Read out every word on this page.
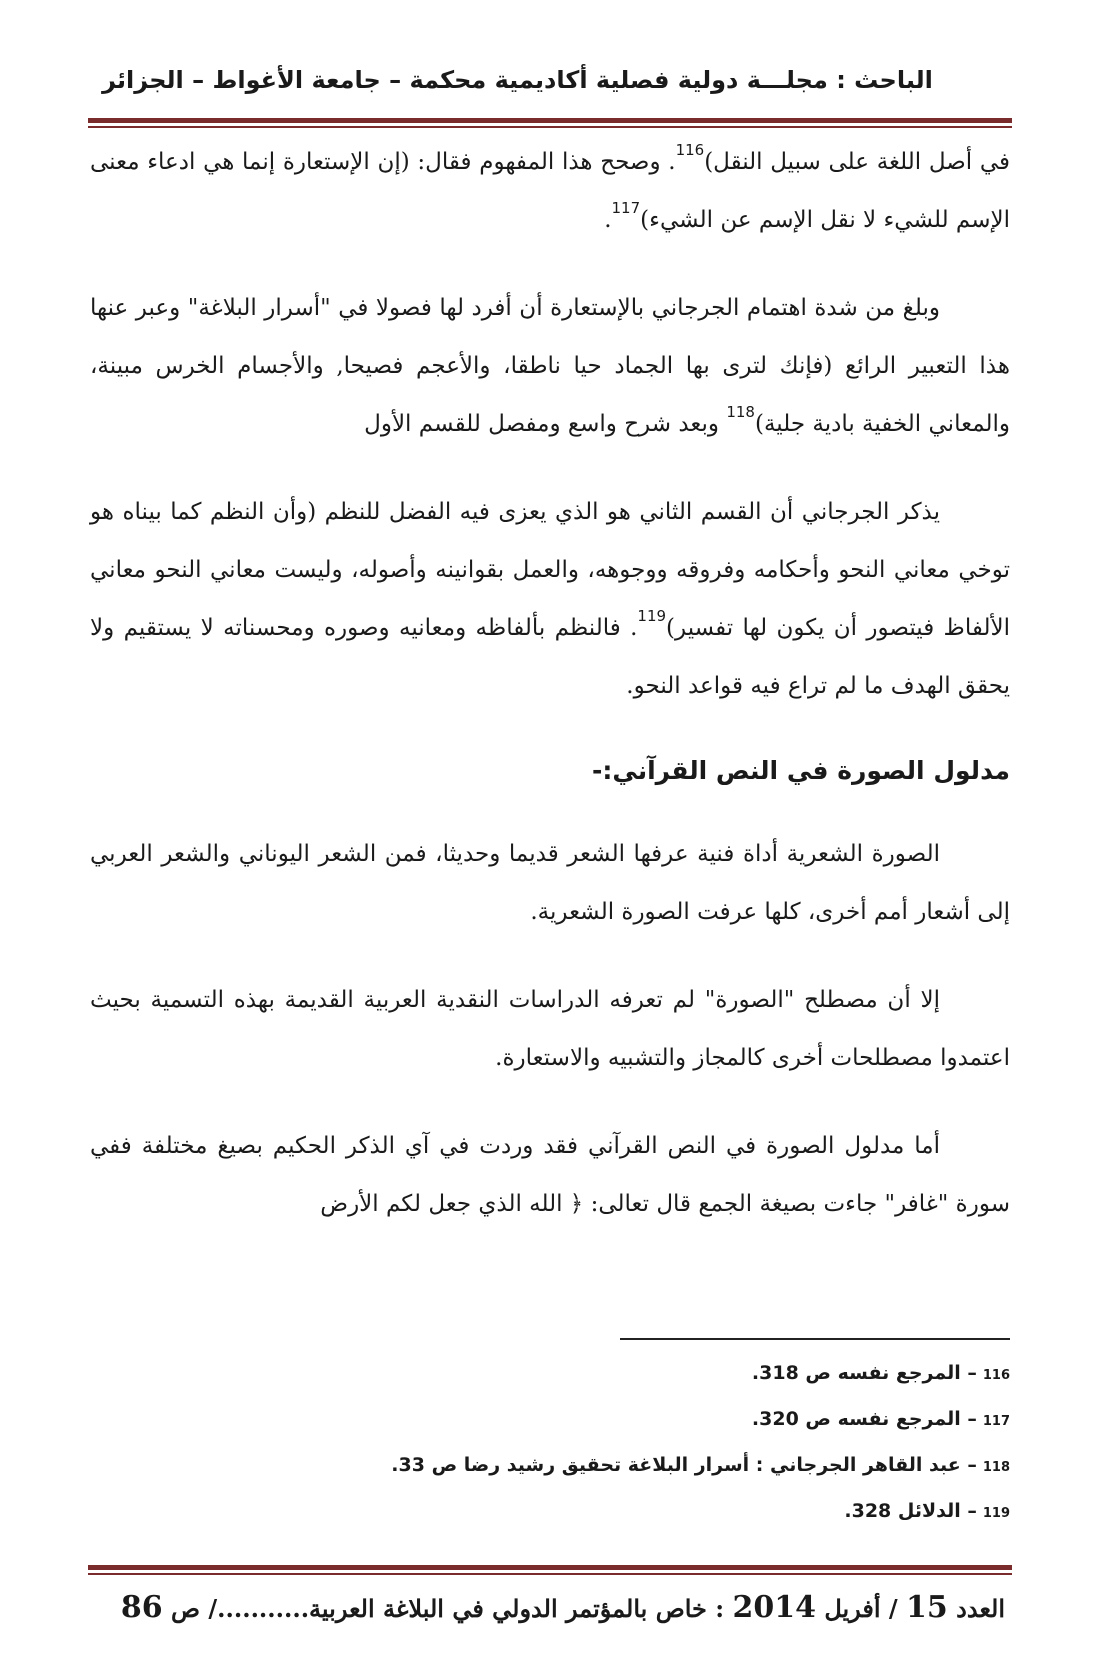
الباحث : مجلـــة دولية فصلية أكاديمية محكمة – جامعة الأغواط – الجزائر

في أصل اللغة على سبيل النقل)$^{116}$. وصحح هذا المفهوم فقال: (إن الإستعارة إنما هي ادعاء معنى الإسم للشيء لا نقل الإسم عن الشيء)$^{117}$.

وبلغ من شدة اهتمام الجرجاني بالإستعارة أن أفرد لها فصولا في "أسرار البلاغة" وعبر عنها هذا التعبير الرائع (فإنك لترى بها الجماد حيا ناطقا، والأعجم فصيحا, والأجسام الخرس مبينة، والمعاني الخفية بادية جلية)$^{118}$ وبعد شرح واسع ومفصل للقسم الأول

يذكر الجرجاني أن القسم الثاني هو الذي يعزى فيه الفضل للنظم (وأن النظم كما بيناه هو توخي معاني النحو وأحكامه وفروقه ووجوهه، والعمل بقوانينه وأصوله، وليست معاني النحو معاني الألفاظ فيتصور أن يكون لها تفسير)$^{119}$. فالنظم بألفاظه ومعانيه وصوره ومحسناته لا يستقيم ولا يحقق الهدف ما لم تراع فيه قواعد النحو.

مدلول الصورة في النص القرآني:-

الصورة الشعرية أداة فنية عرفها الشعر قديما وحديثا، فمن الشعر اليوناني والشعر العربي إلى أشعار أمم أخرى، كلها عرفت الصورة الشعرية.

إلا أن مصطلح "الصورة" لم تعرفه الدراسات النقدية العربية القديمة بهذه التسمية بحيث اعتمدوا مصطلحات أخرى كالمجاز والتشبيه والاستعارة.

أما مدلول الصورة في النص القرآني فقد وردت في آي الذكر الحكيم بصيغ مختلفة ففي سورة "غافر" جاءت بصيغة الجمع قال تعالى: ﴿ الله الذي جعل لكم الأرض

116
– المرجع نفسه ص 318.
117
– المرجع نفسه ص 320.
118
– عبد القاهر الجرجاني : أسرار البلاغة تحقيق رشيد رضا ص 33.
119
– الدلائل 328.
العدد 15 / أفريل 2014 : خاص بالمؤتمر الدولي في البلاغة العربية.........../ ص 86
